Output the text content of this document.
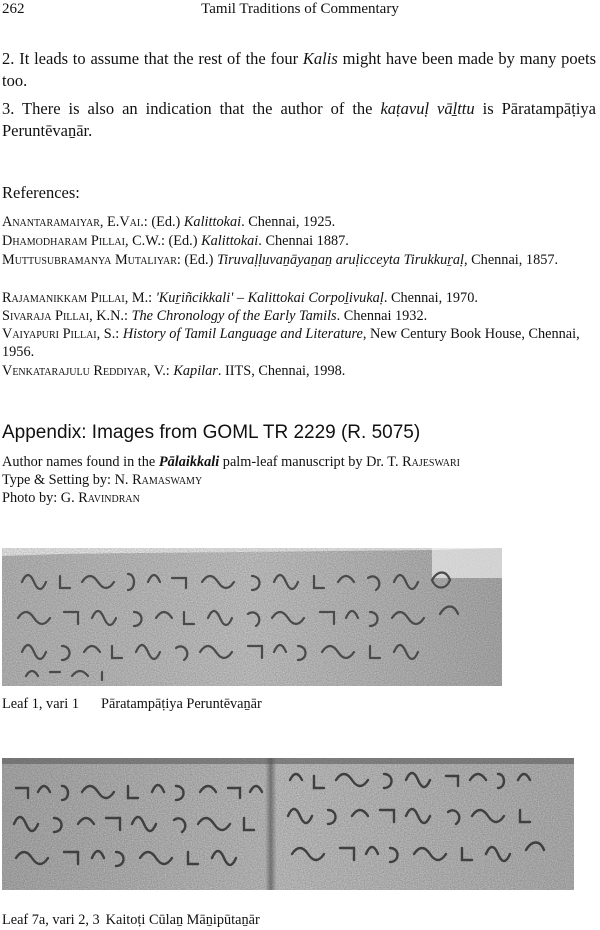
262	Tamil Traditions of Commentary
2. It leads to assume that the rest of the four Kalis might have been made by many poets too.
3. There is also an indication that the author of the kaṭavuḷ vāḻttu is Pāratampāṭiya Peruntēvaṉār.
References:
Anantaramaiyar, E.Vai.: (Ed.) Kalittokai. Chennai, 1925.
Dhamodharam Pillai, C.W.: (Ed.) Kalittokai. Chennai 1887.
Muttusubramanya Mutaliyar: (Ed.) Tiruvaḷḷuvaṉāyaṉaṉ aruḷicceyta Tirukkuṟaḷ, Chennai, 1857.
Rajamanikkam Pillai, M.: 'Kuṟiñcikkali' – Kalittokai Corpoḻivukaḷ. Chennai, 1970.
Sivaraja Pillai, K.N.: The Chronology of the Early Tamils. Chennai 1932.
Vaiyapuri Pillai, S.: History of Tamil Language and Literature, New Century Book House, Chennai, 1956.
Venkatarajulu Reddiyar, V.: Kapilar. IITS, Chennai, 1998.
Appendix: Images from GOML TR 2229 (R. 5075)
Author names found in the Pālaikkali palm-leaf manuscript by Dr. T. Rajeswari
Type & Setting by: N. Ramaswamy
Photo by: G. Ravindran
Leaf 1, vari 1 Pāratampāṭiya Peruntēvaṉār
Leaf 7a, vari 2, 3 Kaitoṭi Cūlaṉ Māṉipūtaṉār
